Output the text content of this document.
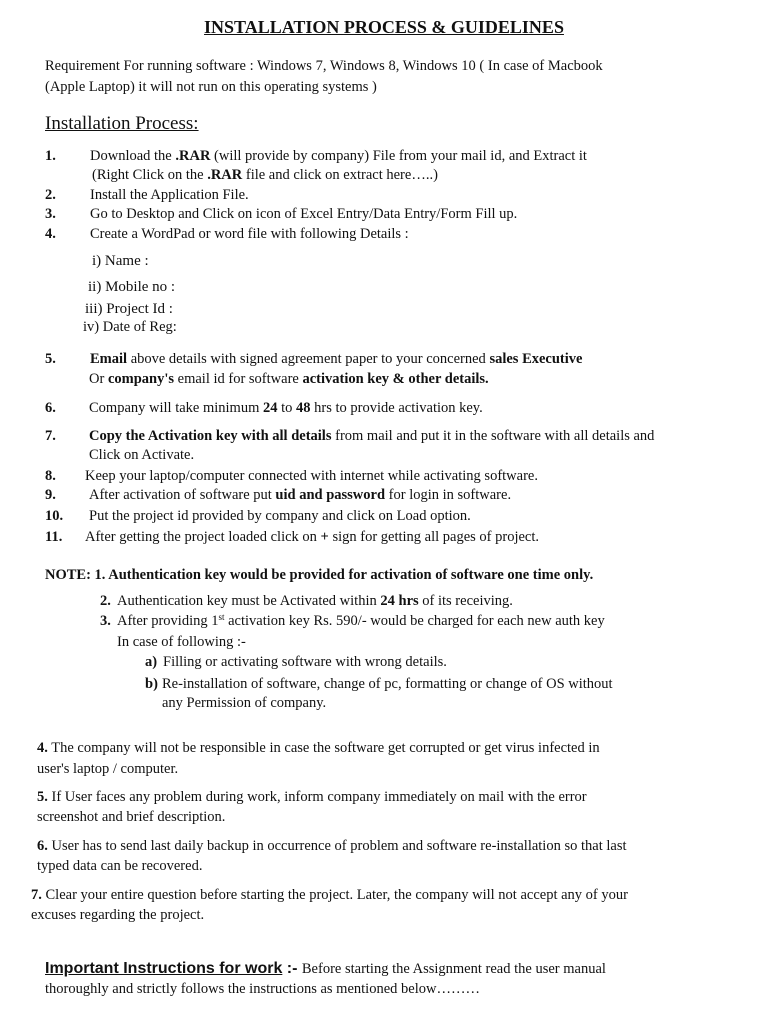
INSTALLATION PROCESS & GUIDELINES
Requirement For running software : Windows 7, Windows 8, Windows 10 ( In case of Macbook
(Apple Laptop) it will not run on this operating systems )
Installation Process:
1. Download the .RAR (will provide by company) File from your mail id, and Extract it
(Right Click on the .RAR file and click on extract here…..)
2. Install the Application File.
3. Go to Desktop and Click on icon of Excel Entry/Data Entry/Form Fill up.
4. Create a WordPad or word file with following Details :
i) Name :
ii) Mobile no :
iii) Project Id :
iv) Date of Reg:
5. Email above details with signed agreement paper to your concerned sales Executive
Or company's email id for software activation key & other details.
6. Company will take minimum 24 to 48 hrs to provide activation key.
7. Copy the Activation key with all details from mail and put it in the software with all details and
Click on Activate.
8. Keep your laptop/computer connected with internet while activating software.
9. After activation of software put uid and password for login in software.
10. Put the project id provided by company and click on Load option.
11. After getting the project loaded click on + sign for getting all pages of project.
NOTE: 1. Authentication key would be provided for activation of software one time only.
2. Authentication key must be Activated within 24 hrs of its receiving.
3. After providing 1st activation key Rs. 590/- would be charged for each new auth key
In case of following :-
a) Filling or activating software with wrong details.
b) Re-installation of software, change of pc, formatting or change of OS without
any Permission of company.
4. The company will not be responsible in case the software get corrupted or get virus infected in
user's laptop / computer.
5. If User faces any problem during work, inform company immediately on mail with the error
screenshot and brief description.
6. User has to send last daily backup in occurrence of problem and software re-installation so that last
typed data can be recovered.
7. Clear your entire question before starting the project. Later, the company will not accept any of your
excuses regarding the project.
Important Instructions for work :- Before starting the Assignment read the user manual
thoroughly and strictly follows the instructions as mentioned below………
